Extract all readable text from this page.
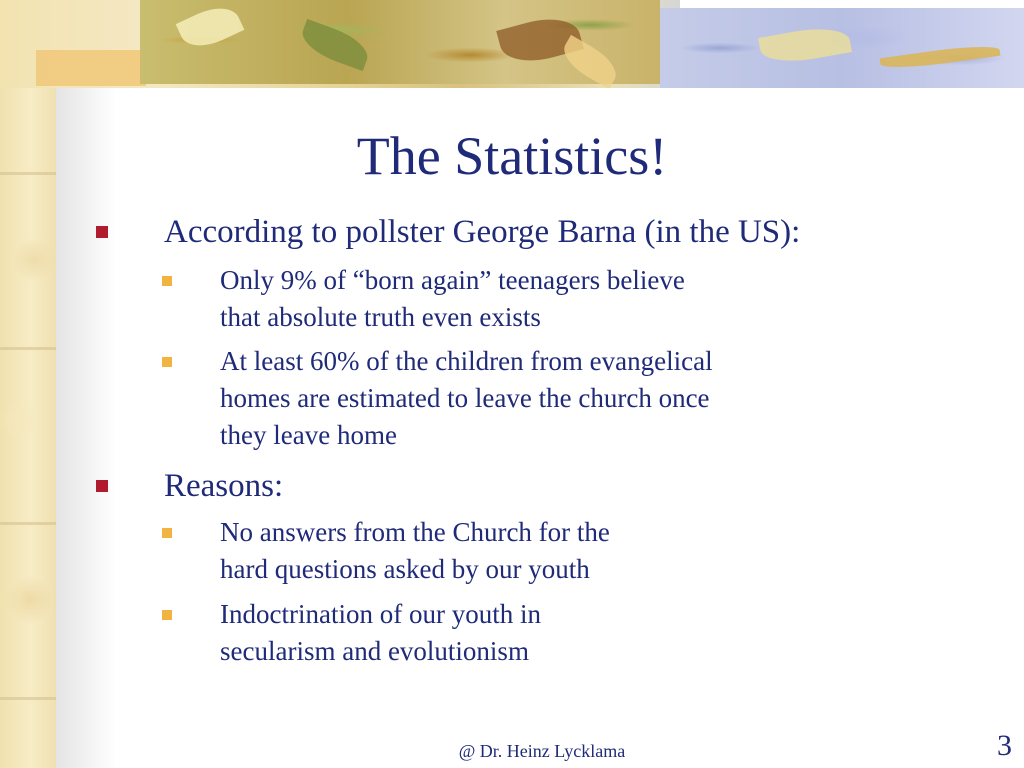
The Statistics!
According to pollster George Barna (in the US):
Only 9% of “born again” teenagers believe
that absolute truth even exists
At least 60% of the children from evangelical
homes are estimated to leave the church once
they leave home
Reasons:
No answers from the Church for the
hard questions asked by our youth
Indoctrination of our youth in
secularism and evolutionism
@ Dr. Heinz Lycklama	3
